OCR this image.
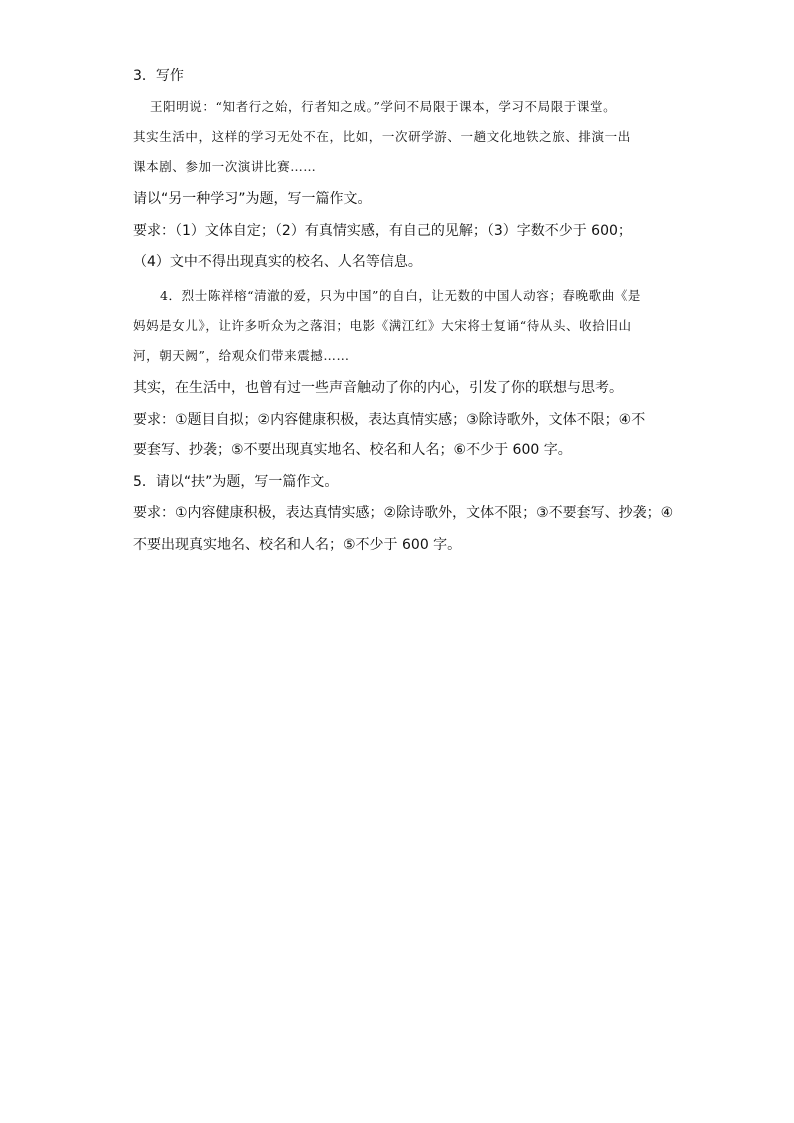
3．写作
王阳明说：“知者行之始，行者知之成。”学问不局限于课本，学习不局限于课堂。
其实生活中，这样的学习无处不在，比如，一次研学游、一趟文化地铁之旅、排演一出
课本剧、参加一次演讲比赛……
请以“另一种学习”为题，写一篇作文。
要求：（1）文体自定；（2）有真情实感，有自己的见解；（3）字数不少于 600；
（4）文中不得出现真实的校名、人名等信息。
4．烈士陈祥榕“清澈的爱，只为中国”的自白，让无数的中国人动容；春晚歌曲《是
妈妈是女儿》，让许多听众为之落泪；电影《满江红》大宋将士复诵“待从头、收拾旧山
河，朝天阙”，给观众们带来震撼……
其实，在生活中，也曾有过一些声音触动了你的内心，引发了你的联想与思考。
要求：①题目自拟；②内容健康积极，表达真情实感；③除诗歌外，文体不限；④不
要套写、抄袭；⑤不要出现真实地名、校名和人名；⑥不少于 600 字。
5．请以“扶”为题，写一篇作文。
要求：①内容健康积极，表达真情实感；②除诗歌外，文体不限；③不要套写、抄袭；④
不要出现真实地名、校名和人名；⑤不少于 600 字。
